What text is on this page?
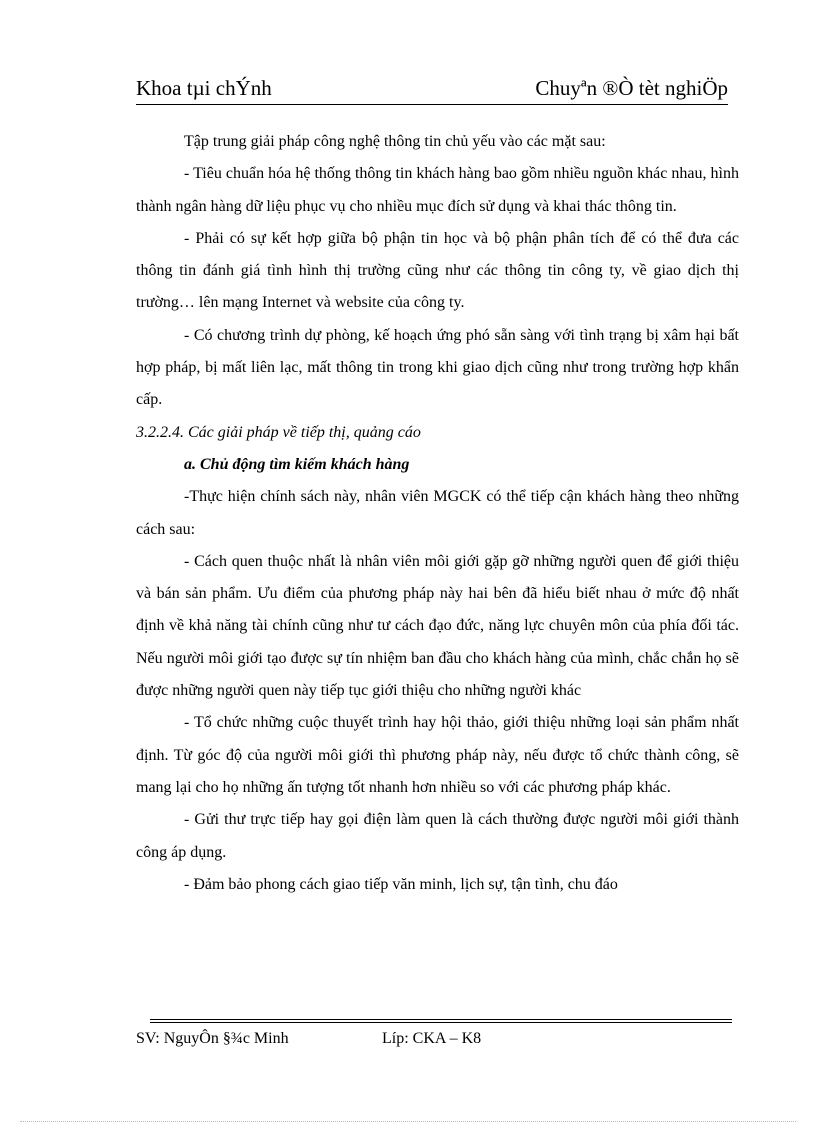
Khoa tµi chÝnh	Chuyªn ®Ò tèt nghiÖp

Tập trung giải pháp công nghệ thông tin chủ yếu vào các mặt sau:

- Tiêu chuẩn hóa hệ thống thông tin khách hàng bao gồm nhiều nguồn khác nhau, hình thành ngân hàng dữ liệu phục vụ cho nhiều mục đích sử dụng và khai thác thông tin.

- Phải có sự kết hợp giữa bộ phận tin học và bộ phận phân tích để có thể đưa các thông tin đánh giá tình hình thị trường cũng như các thông tin công ty, về giao dịch thị trường… lên mạng Internet và website của công ty.

- Có chương trình dự phòng, kế hoạch ứng phó sẵn sàng với tình trạng bị xâm hại bất hợp pháp, bị mất liên lạc, mất thông tin trong khi giao dịch cũng như trong trường hợp khẩn cấp.

3.2.2.4. Các giải pháp về tiếp thị, quảng cáo

a. Chủ động tìm kiếm khách hàng

-Thực hiện chính sách này, nhân viên MGCK có thể tiếp cận khách hàng theo những cách sau:

- Cách quen thuộc nhất là nhân viên môi giới gặp gỡ những người quen để giới thiệu và bán sản phẩm. Ưu điểm của phương pháp này hai bên đã hiểu biết nhau ở mức độ nhất định về khả năng tài chính cũng như tư cách đạo đức, năng lực chuyên môn của phía đối tác. Nếu người môi giới tạo được sự tín nhiệm ban đầu cho khách hàng của mình, chắc chắn họ sẽ được những người quen này tiếp tục giới thiệu cho những người khác

- Tổ chức những cuộc thuyết trình hay hội thảo, giới thiệu những loại sản phẩm nhất định. Từ góc độ của người môi giới thì phương pháp này, nếu được tổ chức thành công, sẽ mang lại cho họ những ấn tượng tốt nhanh hơn nhiều so với các phương pháp khác.

- Gửi thư trực tiếp hay gọi điện làm quen là cách thường được người môi giới thành công áp dụng.

- Đảm bảo phong cách giao tiếp văn minh, lịch sự, tận tình, chu đáo

SV: NguyÔn §¾c Minh	Líp: CKA – K8
